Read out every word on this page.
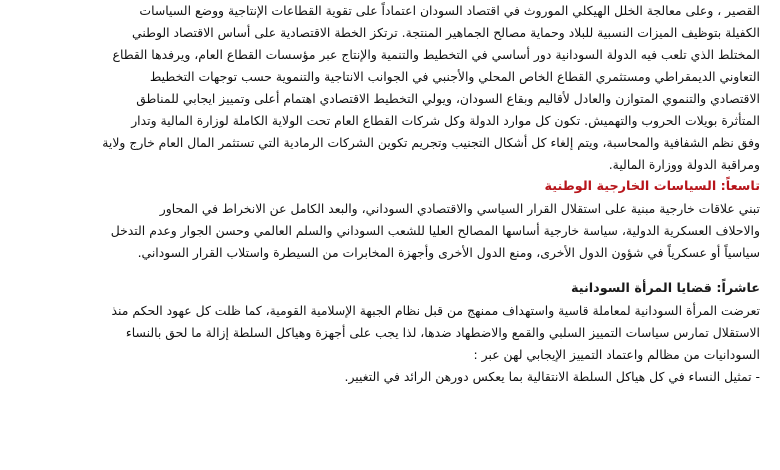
القصير ، وعلى معالجة الخلل الهيكلي الموروث في اقتصاد السودان اعتماداً على تقوية القطاعات الإنتاجية ووضع السياسات
الكفيلة بتوظيف الميزات النسبية للبلاد وحماية مصالح الجماهير المنتجة. ترتكز الخطة الاقتصادية على أساس الاقتصاد الوطني
المختلط الذي تلعب فيه الدولة السودانية دور أساسي في التخطيط والتنمية والإنتاج عبر مؤسسات القطاع العام، ويرفدها القطاع
التعاوني الديمقراطي ومستثمري القطاع الخاص المحلي والأجنبي في الجوانب الانتاجية والتنموية حسب توجهات التخطيط
الاقتصادي والتنموي المتوازن والعادل لأقاليم وبقاع السودان، ويولي التخطيط الاقتصادي اهتمام أعلى وتمييز ايجابي للمناطق
المتأثرة بويلات الحروب والتهميش. تكون كل موارد الدولة وكل شركات القطاع العام تحت الولاية الكاملة لوزارة المالية وتدار
وفق نظم الشفافية والمحاسبة، ويتم إلغاء كل أشكال التجنيب وتجريم تكوين الشركات الرمادية التي تستثمر المال العام خارج ولاية
ومراقبة الدولة ووزارة المالية.
تاسعاً: السياسات الخارجية الوطنية
تبني علاقات خارجية مبنية على استقلال القرار السياسي والاقتصادي السوداني، والبعد الكامل عن الانخراط في المحاور
والاحلاف العسكرية الدولية، سياسة خارجية أساسها المصالح العليا للشعب السوداني والسلم العالمي وحسن الجوار وعدم التدخل
سياسياً أو عسكرياً في شؤون الدول الأخرى، ومنع الدول الأخرى وأجهزة المخابرات من السيطرة واستلاب القرار السوداني.
عاشراً: قضايا المرأة السودانية
تعرضت المرأة السودانية لمعاملة قاسية واستهداف ممنهج من قبل نظام الجبهة الإسلامية القومية، كما ظلت كل عهود الحكم منذ
الاستقلال تمارس سياسات التمييز السلبي والقمع والاضطهاد ضدها، لذا يجب على أجهزة وهياكل السلطة إزالة ما لحق بالنساء
السودانيات من مظالم واعتماد التمييز الإيجابي لهن عبر :
- تمثيل النساء في كل هياكل السلطة الانتقالية بما يعكس دورهن الرائد في التغيير.
